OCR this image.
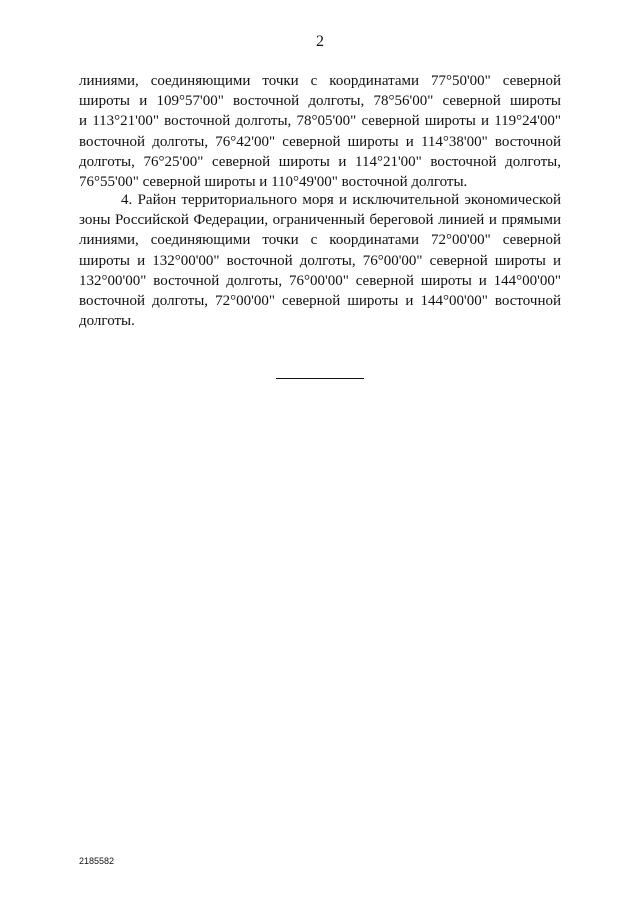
2
линиями, соединяющими точки с координатами 77°50'00" северной
широты и 109°57'00" восточной долготы, 78°56'00" северной широты
и 113°21'00" восточной долготы, 78°05'00" северной широты и 119°24'00"
восточной долготы, 76°42'00" северной широты и 114°38'00" восточной
долготы, 76°25'00" северной широты и 114°21'00" восточной долготы,
76°55'00" северной широты и 110°49'00" восточной долготы.
4. Район территориального моря и исключительной экономической
зоны Российской Федерации, ограниченный береговой линией и прямыми
линиями, соединяющими точки с координатами 72°00'00" северной
широты и 132°00'00" восточной долготы, 76°00'00" северной широты и
132°00'00" восточной долготы, 76°00'00" северной широты и 144°00'00"
восточной долготы, 72°00'00" северной широты и 144°00'00" восточной
долготы.
2185582
